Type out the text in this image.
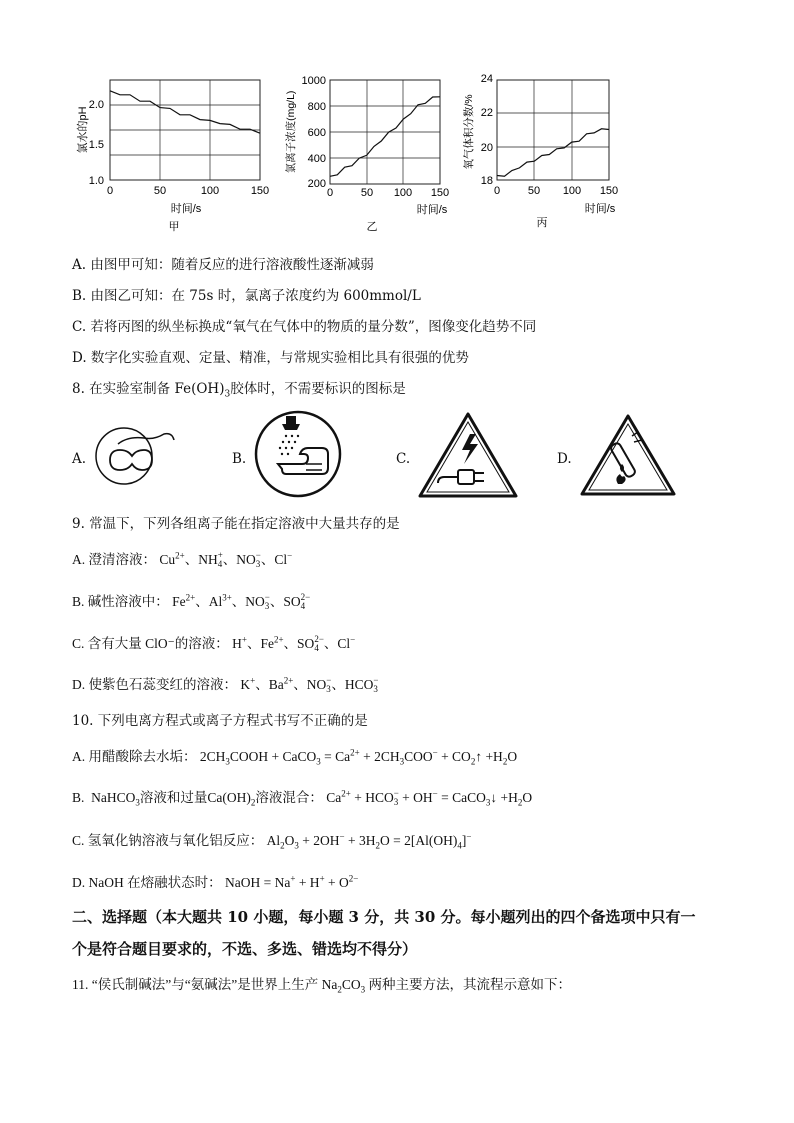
2.0
1.5
1.0
0	50	100	150
时间/s
甲
氯水的pH
1000
800
600
400
200
0	50 100 150
时间/s
乙
氯离子浓度(mg/L)
24
22
20
18
0	50 100 150
时间/s
丙
氧气体积分数/%
A. 由图甲可知：随着反应的进行溶液酸性逐渐减弱
B. 由图乙可知：在 75s 时，氯离子浓度约为 600mmol/L
C. 若将丙图的纵坐标换成“氧气在气体中的物质的量分数”，图像变化趋势不同
D. 数字化实验直观、定量、精准，与常规实验相比具有很强的优势
8. 在实验室制备 $Fe(OH)_3$胶体时，不需要标识的图标是
A.	B.	C.	D.
9. 常温下，下列各组离子能在指定溶液中大量共存的是
A. 澄清溶液： $Cu^{2+}$、NH+
4、NO−
3、Cl−
B. 碱性溶液中： $Fe^{2+}$、$Al^{3+}$、NO−
3、SO2−
4
C. 含有大量 ClO⁻的溶液： H+、$Fe^{2+}$、SO2−
4 、Cl−
D. 使紫色石蕊变红的溶液： K+、$Ba^{2+}$、NO−
3、HCO−
3
10. 下列电离方程式或离子方程式书写不正确的是
A. 用醋酸除去水垢： $2CH_3COOH$ + CaCO$_3$ = $Ca^{2+} + 2CH_3COO^-$ + $CO_2↑ +H_2O$
B.  NaHCO$_3$溶液和过量$Ca(OH)_2$溶液混合： $Ca^{2+} + HCO-$
3 + OH− = CaCO$_3$↓ $+H_2O$
C. 氢氧化钠溶液与氧化铝反应： $Al_2O_3 + 2OH^- + 3H_2O = 2[Al(OH)_4]^-$
D. NaOH 在熔融状态时： NaOH = $Na^+ + H^+ + O^{2-}$
二、选择题（本大题共 10 小题，每小题 3 分，共 30 分。每小题列出的四个备选项中只有一
个是符合题目要求的，不选、多选、错选均不得分）
11. “侯氏制碱法”与“氨碱法”是世界上生产 $Na_2CO_3$ 两种主要方法，其流程示意如下：
